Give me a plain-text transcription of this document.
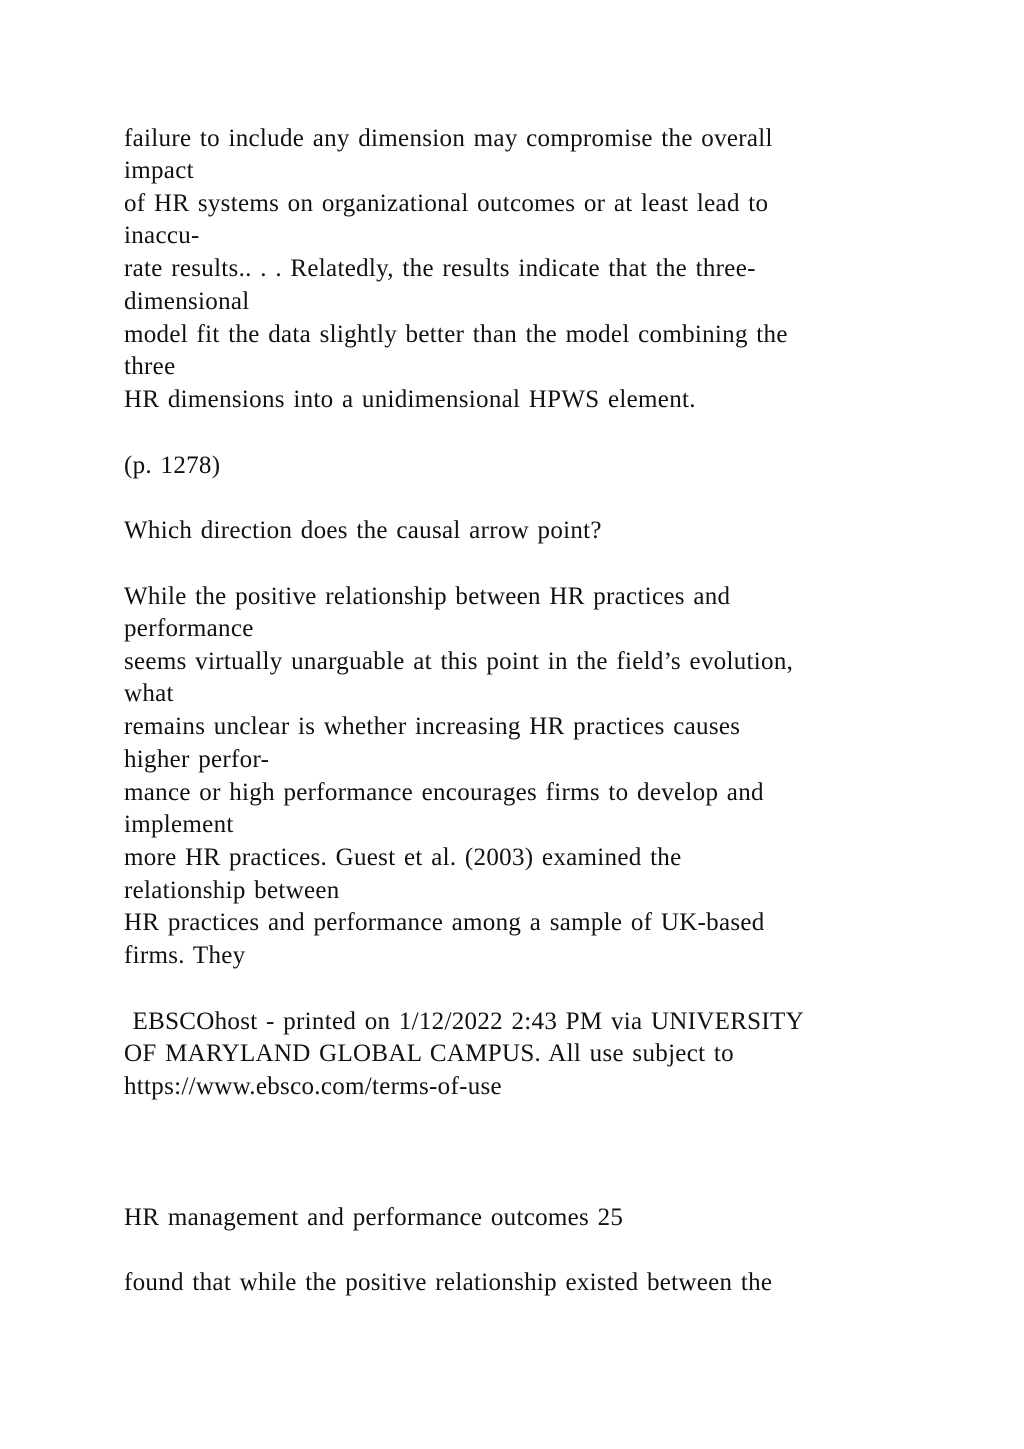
failure to include any dimension may compromise the overall
impact
of HR systems on organizational outcomes or at least lead to
inaccu-
rate results.. . . Relatedly, the results indicate that the three-
dimensional
model fit the data slightly better than the model combining the
three
HR dimensions into a unidimensional HPWS element.
(p. 1278)
Which direction does the causal arrow point?
While the positive relationship between HR practices and
performance
seems virtually unarguable at this point in the field’s evolution,
what
remains unclear is whether increasing HR practices causes
higher perfor-
mance or high performance encourages firms to develop and
implement
more HR practices. Guest et al. (2003) examined the
relationship between
HR practices and performance among a sample of UK-based
firms. They
EBSCOhost - printed on 1/12/2022 2:43 PM via UNIVERSITY
OF MARYLAND GLOBAL CAMPUS. All use subject to
https://www.ebsco.com/terms-of-use
HR management and performance outcomes 25
found that while the positive relationship existed between the
